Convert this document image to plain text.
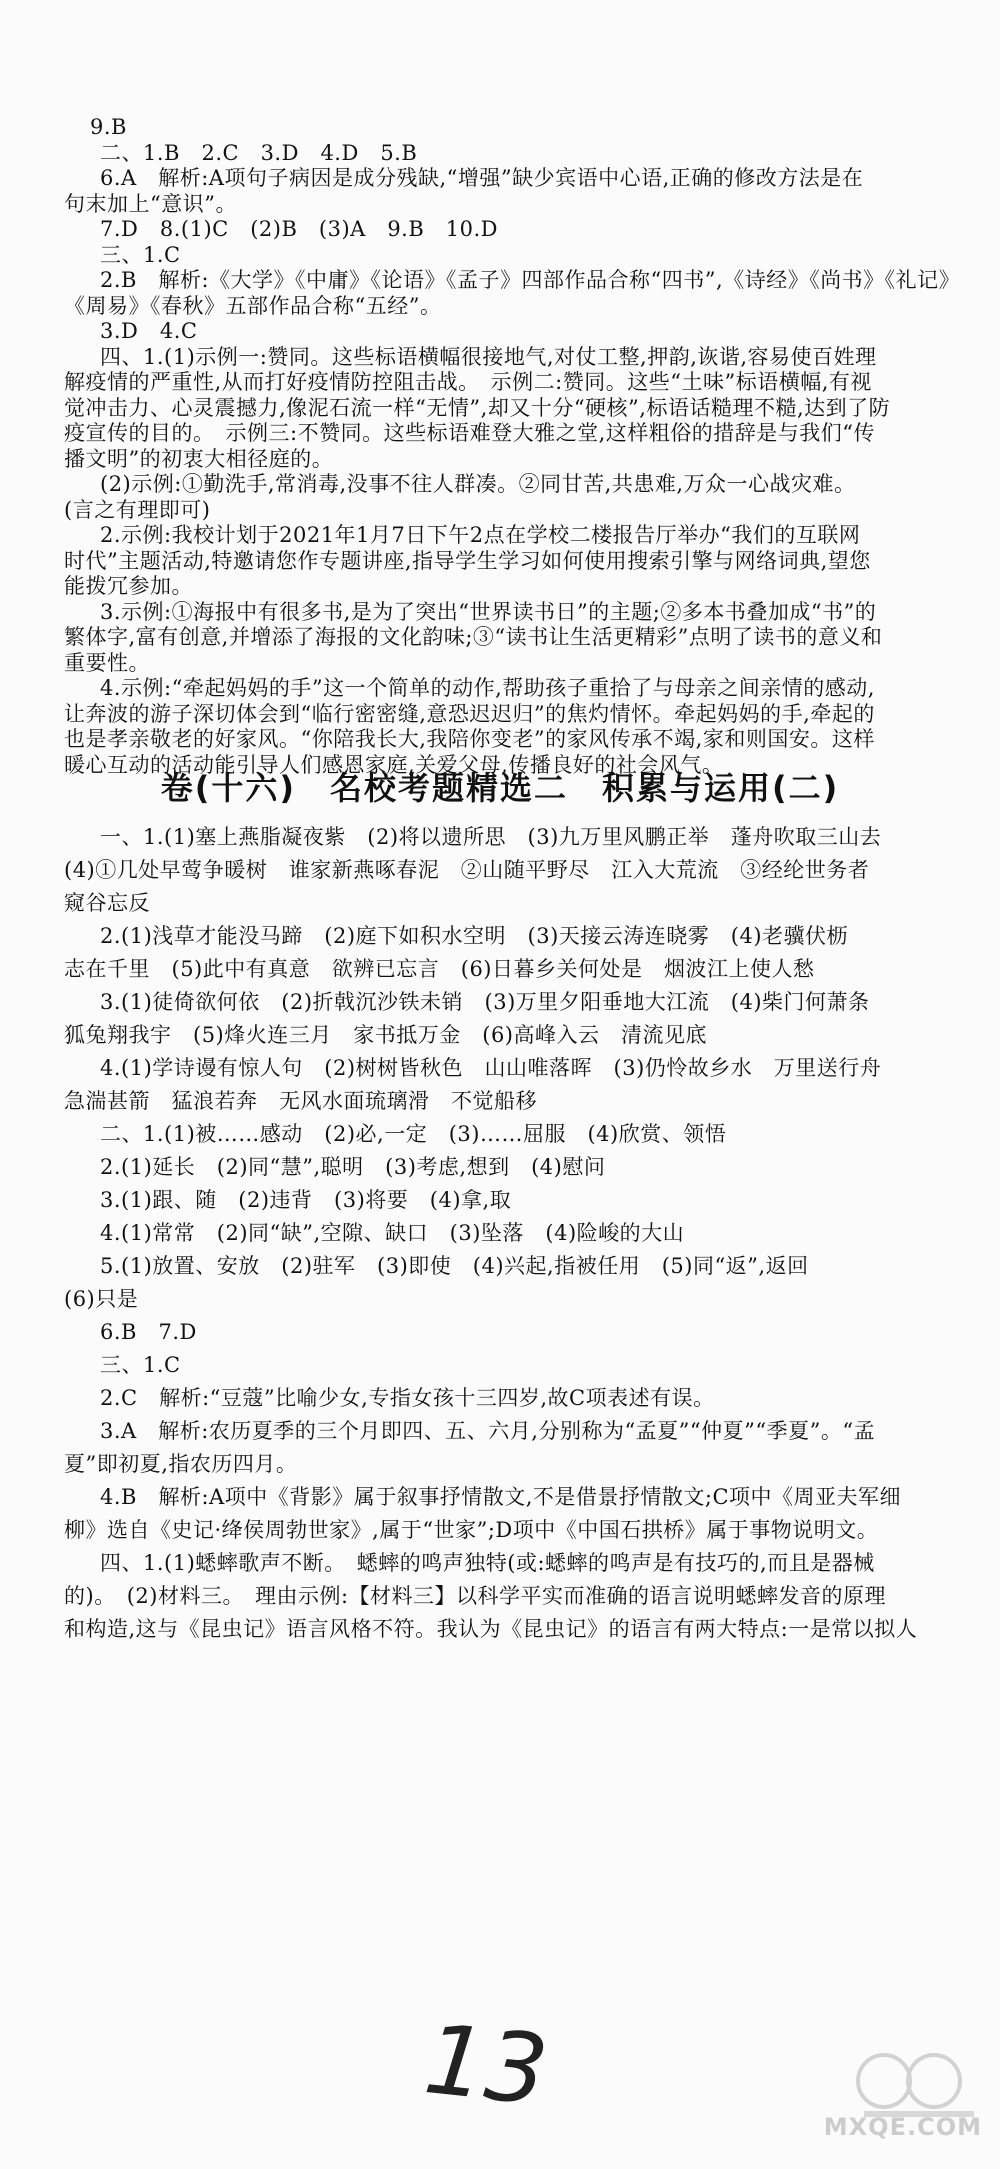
9.B
二、1.B　2.C　3.D　4.D　5.B
6.A　解析:A项句子病因是成分残缺,“增强”缺少宾语中心语,正确的修改方法是在
句末加上“意识”。
7.D　8.(1)C　(2)B　(3)A　9.B　10.D
三、1.C
2.B　解析:《大学》《中庸》《论语》《孟子》四部作品合称“四书”,《诗经》《尚书》《礼记》
《周易》《春秋》五部作品合称“五经”。
3.D　4.C
四、1.(1)示例一:赞同。这些标语横幅很接地气,对仗工整,押韵,诙谐,容易使百姓理
解疫情的严重性,从而打好疫情防控阻击战。　示例二:赞同。这些“土味”标语横幅,有视
觉冲击力、心灵震撼力,像泥石流一样“无情”,却又十分“硬核”,标语话糙理不糙,达到了防
疫宣传的目的。　示例三:不赞同。这些标语难登大雅之堂,这样粗俗的措辞是与我们“传
播文明”的初衷大相径庭的。
(2)示例:①勤洗手,常消毒,没事不往人群凑。②同甘苦,共患难,万众一心战灾难。
(言之有理即可)
2.示例:我校计划于2021年1月7日下午2点在学校二楼报告厅举办“我们的互联网
时代”主题活动,特邀请您作专题讲座,指导学生学习如何使用搜索引擎与网络词典,望您
能拨冗参加。
3.示例:①海报中有很多书,是为了突出“世界读书日”的主题;②多本书叠加成“书”的
繁体字,富有创意,并增添了海报的文化韵味;③“读书让生活更精彩”点明了读书的意义和
重要性。
4.示例:“牵起妈妈的手”这一个简单的动作,帮助孩子重拾了与母亲之间亲情的感动,
让奔波的游子深切体会到“临行密密缝,意恐迟迟归”的焦灼情怀。牵起妈妈的手,牵起的
也是孝亲敬老的好家风。“你陪我长大,我陪你变老”的家风传承不竭,家和则国安。这样
暖心互动的活动能引导人们感恩家庭,关爱父母,传播良好的社会风气。
一、1.(1)塞上燕脂凝夜紫　(2)将以遗所思　(3)九万里风鹏正举　蓬舟吹取三山去
(4)①几处早莺争暖树　谁家新燕啄春泥　②山随平野尽　江入大荒流　③经纶世务者
窥谷忘反
2.(1)浅草才能没马蹄　(2)庭下如积水空明　(3)天接云涛连晓雾　(4)老骥伏枥
志在千里　(5)此中有真意　欲辨已忘言　(6)日暮乡关何处是　烟波江上使人愁
3.(1)徒倚欲何依　(2)折戟沉沙铁未销　(3)万里夕阳垂地大江流　(4)柴门何萧条
狐兔翔我宇　(5)烽火连三月　家书抵万金　(6)高峰入云　清流见底
4.(1)学诗谩有惊人句　(2)树树皆秋色　山山唯落晖　(3)仍怜故乡水　万里送行舟
急湍甚箭　猛浪若奔　无风水面琉璃滑　不觉船移
二、1.(1)被……感动　(2)必,一定　(3)……屈服　(4)欣赏、领悟
2.(1)延长　(2)同“慧”,聪明　(3)考虑,想到　(4)慰问
3.(1)跟、随　(2)违背　(3)将要　(4)拿,取
4.(1)常常　(2)同“缺”,空隙、缺口　(3)坠落　(4)险峻的大山
5.(1)放置、安放　(2)驻军　(3)即使　(4)兴起,指被任用　(5)同“返”,返回
(6)只是
6.B　7.D
三、1.C
2.C　解析:“豆蔻”比喻少女,专指女孩十三四岁,故C项表述有误。
3.A　解析:农历夏季的三个月即四、五、六月,分别称为“孟夏”“仲夏”“季夏”。“孟
夏”即初夏,指农历四月。
4.B　解析:A项中《背影》属于叙事抒情散文,不是借景抒情散文;C项中《周亚夫军细
柳》选自《史记·绛侯周勃世家》,属于“世家”;D项中《中国石拱桥》属于事物说明文。
四、1.(1)蟋蟀歌声不断。　蟋蟀的鸣声独特(或:蟋蟀的鸣声是有技巧的,而且是器械
的)。　(2)材料三。　理由示例:【材料三】以科学平实而准确的语言说明蟋蟀发音的原理
和构造,这与《昆虫记》语言风格不符。我认为《昆虫记》的语言有两大特点:一是常以拟人
卷(十六)　名校考题精选二　积累与运用(二)
13	MXQE.COM
